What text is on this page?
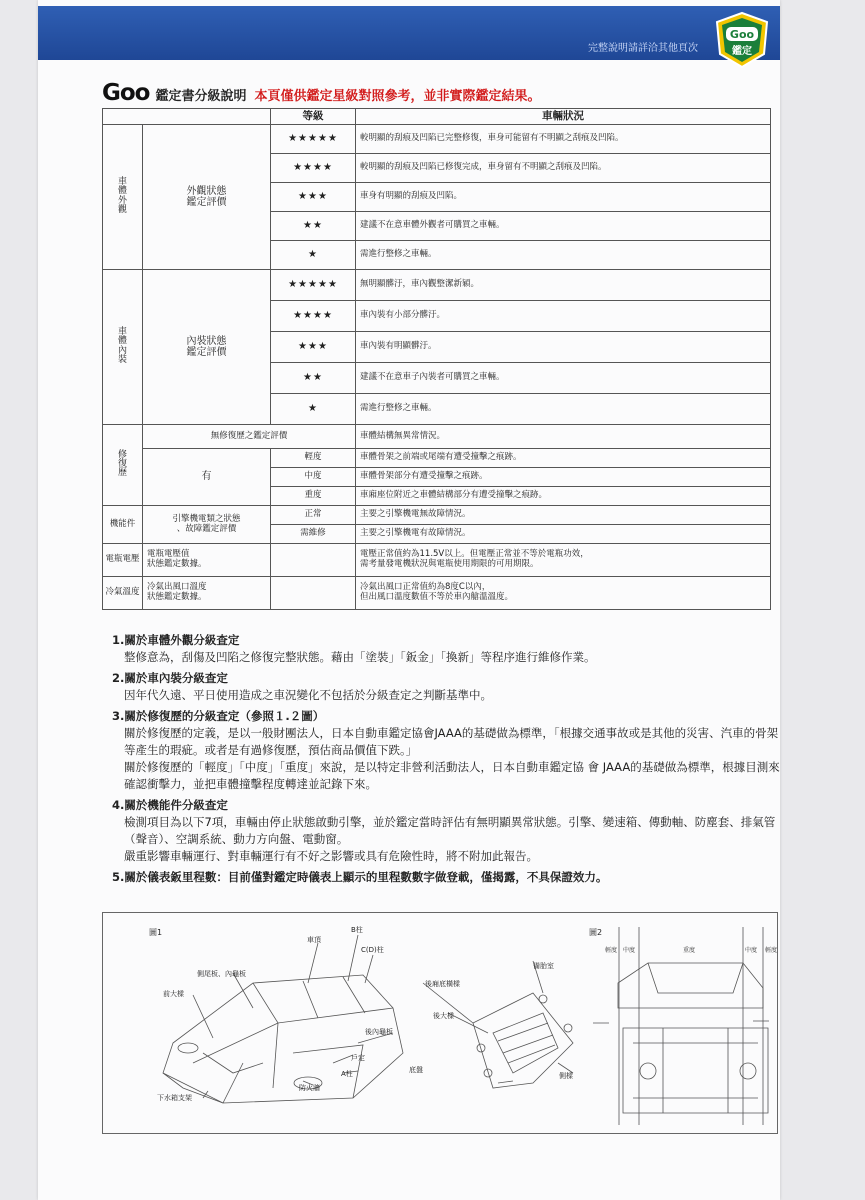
完整說明請詳洽其他頁次
Goo
鑑定
Goo 鑑定書分級說明 本頁僅供鑑定星級對照參考，並非實際鑑定結果。
		等級	車輛狀況
車
體
外
觀	外觀狀態
鑑定評價	★★★★★	較明顯的刮痕及凹陷已完整修復，車身可能留有不明顯之刮痕及凹陷。
		★★★★	較明顯的刮痕及凹陷已修復完成，車身留有不明顯之刮痕及凹陷。
		★★★	車身有明顯的刮痕及凹陷。
		★★	建議不在意車體外觀者可購買之車輛。
		★	需進行整修之車輛。
車
體
內
裝	內裝狀態
鑑定評價	★★★★★	無明顯髒汙，車內觀整潔新穎。
		★★★★	車內裝有小部分髒汙。
		★★★	車內裝有明顯髒汙。
		★★	建議不在意車子內裝者可購買之車輛。
		★	需進行整修之車輛。
修
復
歷	無修復歷之鑑定評價		車體結構無異常情況。
	有	輕度	車體骨架之前端或尾端有遭受撞擊之痕跡。
		中度	車體骨架部分有遭受撞擊之痕跡。
		重度	車廂座位附近之車體結構部分有遭受撞擊之痕跡。
機能件	引擎機電類之狀態
、故障鑑定評價	正常	主要之引擎機電無故障情況。
		需維修	主要之引擎機電有故障情況。
電瓶電壓	電瓶電壓值
狀態鑑定數據。		電壓正常值約為11.5V以上。但電壓正常並不等於電瓶功效，
需考量發電機狀況與電瓶使用期限的可用期限。
冷氣溫度	冷氣出風口溫度
狀態鑑定數據。		冷氣出風口正常值約為8度C以內，
但出風口溫度數值不等於車內艙溫溫度。
1.關於車體外觀分級查定
整修意為，刮傷及凹陷之修復完整狀態。藉由「塗裝」「鈑金」「換新」等程序進行維修作業。
2.關於車內裝分級查定
因年代久遠、平日使用造成之車況變化不包括於分級查定之判斷基準中。
3.關於修復歷的分級查定（參照１.２圖）
關於修復歷的定義，是以一般財團法人，日本自動車鑑定協會JAAA的基礎做為標準，「根據交通事故或是其他的災害、汽車的骨架等產生的瑕疵。或者是有過修復歷，預估商品價值下跌。」
關於修復歷的「輕度」「中度」「重度」來說，是以特定非營利活動法人，日本自動車鑑定協 會 JAAA的基礎做為標準，根據目測來確認衝擊力，並把車體撞擊程度轉達並記錄下來。
4.關於機能件分級查定
檢測項目為以下7項，車輛由停止狀態啟動引擎，並於鑑定當時評估有無明顯異常狀態。引擎、變速箱、傳動軸、防塵套、排氣管（聲音）、空調系統、動力方向盤、電動窗。
嚴重影響車輛運行、對車輛運行有不好之影響或具有危險性時，將不附加此報告。
5.關於儀表鈑里程數：目前僅對鑑定時儀表上顯示的里程數數字做登載，僅揭露，不具保證效力。
圖1	圖2
B柱
車頂
C(D)柱
側尾板、內龜板
前大樑
後廂底橫樑
後大樑
備胎室
後內龜板
戶定
A柱	底盤
側樑
防火牆
下水箱支架
輕度 中度	重度	中度 輕度
